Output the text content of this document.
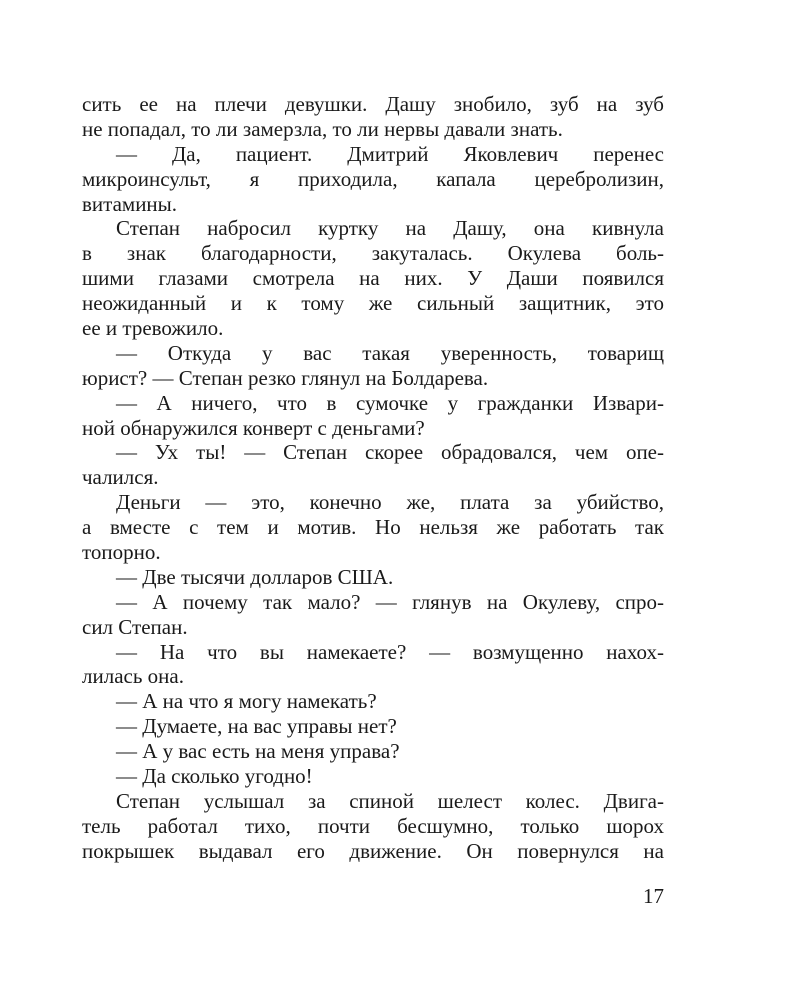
сить ее на плечи девушки. Дашу знобило, зуб на зуб
не попадал, то ли замерзла, то ли нервы давали знать.
— Да, пациент. Дмитрий Яковлевич перенес
микроинсульт, я приходила, капала церебролизин,
витамины.
Степан набросил куртку на Дашу, она кивнула
в знак благодарности, закуталась. Окулева боль-
шими глазами смотрела на них. У Даши появился
неожиданный и к тому же сильный защитник, это
ее и тревожило.
— Откуда у вас такая уверенность, товарищ
юрист? — Степан резко глянул на Болдарева.
— А ничего, что в сумочке у гражданки Извари-
ной обнаружился конверт с деньгами?
— Ух ты! — Степан скорее обрадовался, чем опе-
чалился.
Деньги — это, конечно же, плата за убийство,
а вместе с тем и мотив. Но нельзя же работать так
топорно.
— Две тысячи долларов США.
— А почему так мало? — глянув на Окулеву, спро-
сил Степан.
— На что вы намекаете? — возмущенно нахох-
лилась она.
— А на что я могу намекать?
— Думаете, на вас управы нет?
— А у вас есть на меня управа?
— Да сколько угодно!
Степан услышал за спиной шелест колес. Двига-
тель работал тихо, почти бесшумно, только шорох
покрышек выдавал его движение. Он повернулся на
17
